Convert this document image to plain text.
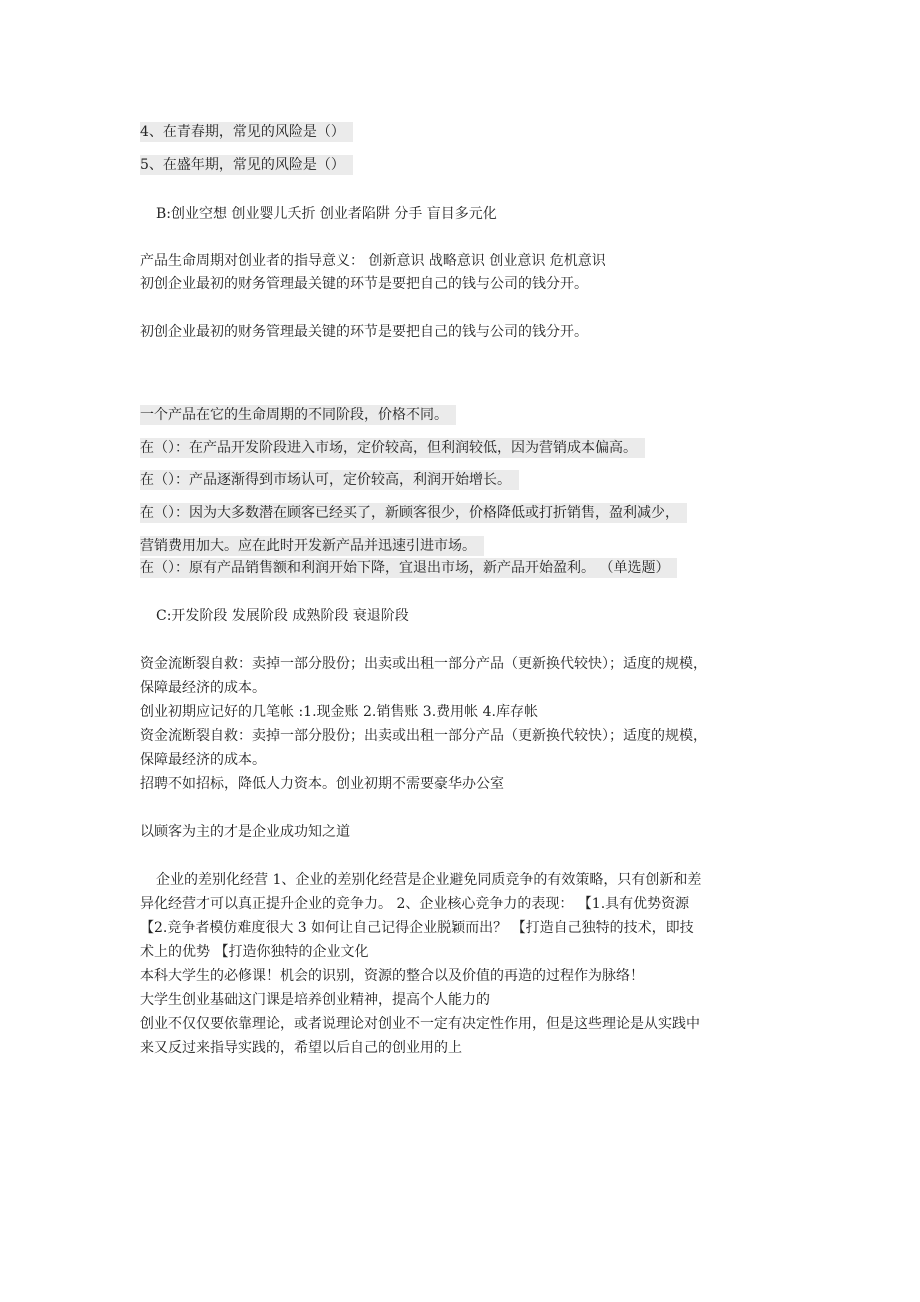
4、在青春期，常见的风险是（）
5、在盛年期，常见的风险是（）
B:创业空想 创业婴儿夭折 创业者陷阱 分手 盲目多元化
产品生命周期对创业者的指导意义： 创新意识 战略意识 创业意识 危机意识
初创企业最初的财务管理最关键的环节是要把自己的钱与公司的钱分开。
初创企业最初的财务管理最关键的环节是要把自己的钱与公司的钱分开。
一个产品在它的生命周期的不同阶段，价格不同。
在（）：在产品开发阶段进入市场，定价较高，但利润较低，因为营销成本偏高。
在（）：产品逐渐得到市场认可，定价较高，利润开始增长。
在（）：因为大多数潜在顾客已经买了，新顾客很少，价格降低或打折销售，盈利减少，
营销费用加大。应在此时开发新产品并迅速引进市场。
在（）：原有产品销售额和利润开始下降，宜退出市场，新产品开始盈利。 （单选题）
C:开发阶段 发展阶段 成熟阶段 衰退阶段
资金流断裂自救：卖掉一部分股份；出卖或出租一部分产品（更新换代较快）；适度的规模，
保障最经济的成本。
创业初期应记好的几笔帐 :1.现金账 2.销售账 3.费用帐 4.库存帐
资金流断裂自救：卖掉一部分股份；出卖或出租一部分产品（更新换代较快）；适度的规模，
保障最经济的成本。
招聘不如招标，降低人力资本。创业初期不需要豪华办公室
以顾客为主的才是企业成功知之道
企业的差别化经营 1、企业的差别化经营是企业避免同质竞争的有效策略，只有创新和差
异化经营才可以真正提升企业的竞争力。 2、企业核心竞争力的表现： 【1.具有优势资源
【2.竞争者模仿难度很大 3 如何让自己记得企业脱颖而出？ 【打造自己独特的技术，即技
术上的优势 【打造你独特的企业文化
本科大学生的必修课！机会的识别，资源的整合以及价值的再造的过程作为脉络！
大学生创业基础这门课是培养创业精神，提高个人能力的
创业不仅仅要依靠理论，或者说理论对创业不一定有决定性作用，但是这些理论是从实践中
来又反过来指导实践的，希望以后自己的创业用的上
